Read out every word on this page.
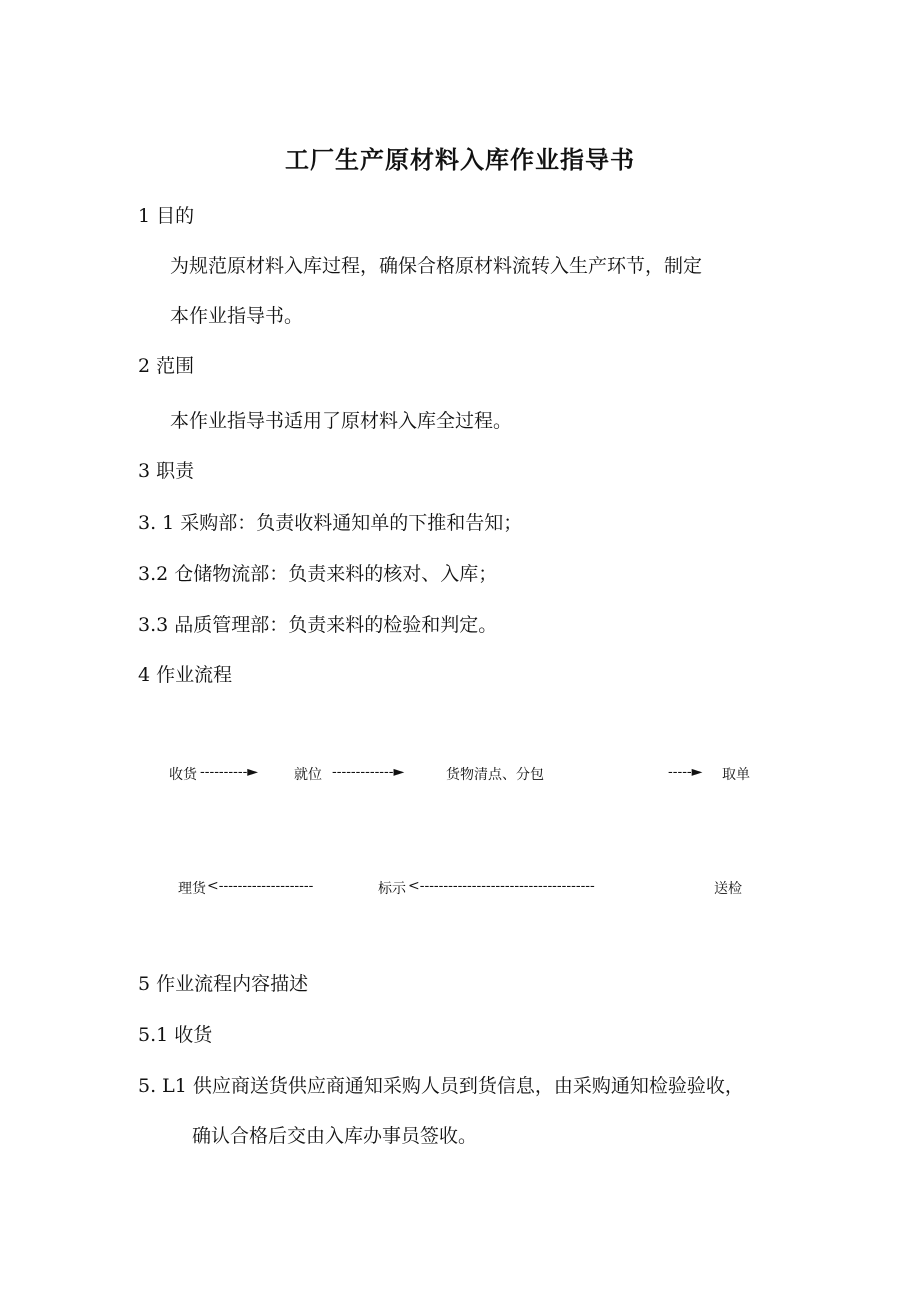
工厂生产原材料入库作业指导书
1 目的
为规范原材料入库过程，确保合格原材料流转入生产环节，制定
本作业指导书。
2 范围
本作业指导书适用了原材料入库全过程。
3 职责
3. 1 采购部：负责收料通知单的下推和告知；
3.2 仓储物流部：负责来料的核对、入库；
3.3 品质管理部：负责来料的检验和判定。
4 作业流程
收货 ----------►	就位 -------------►	货物清点、分包	-----► 取单
理货 <--------------------	标示 <-------------------------------------	送检
5 作业流程内容描述
5.1 收货
5. L1 供应商送货供应商通知采购人员到货信息，由采购通知检验验收，
确认合格后交由入库办事员签收。
